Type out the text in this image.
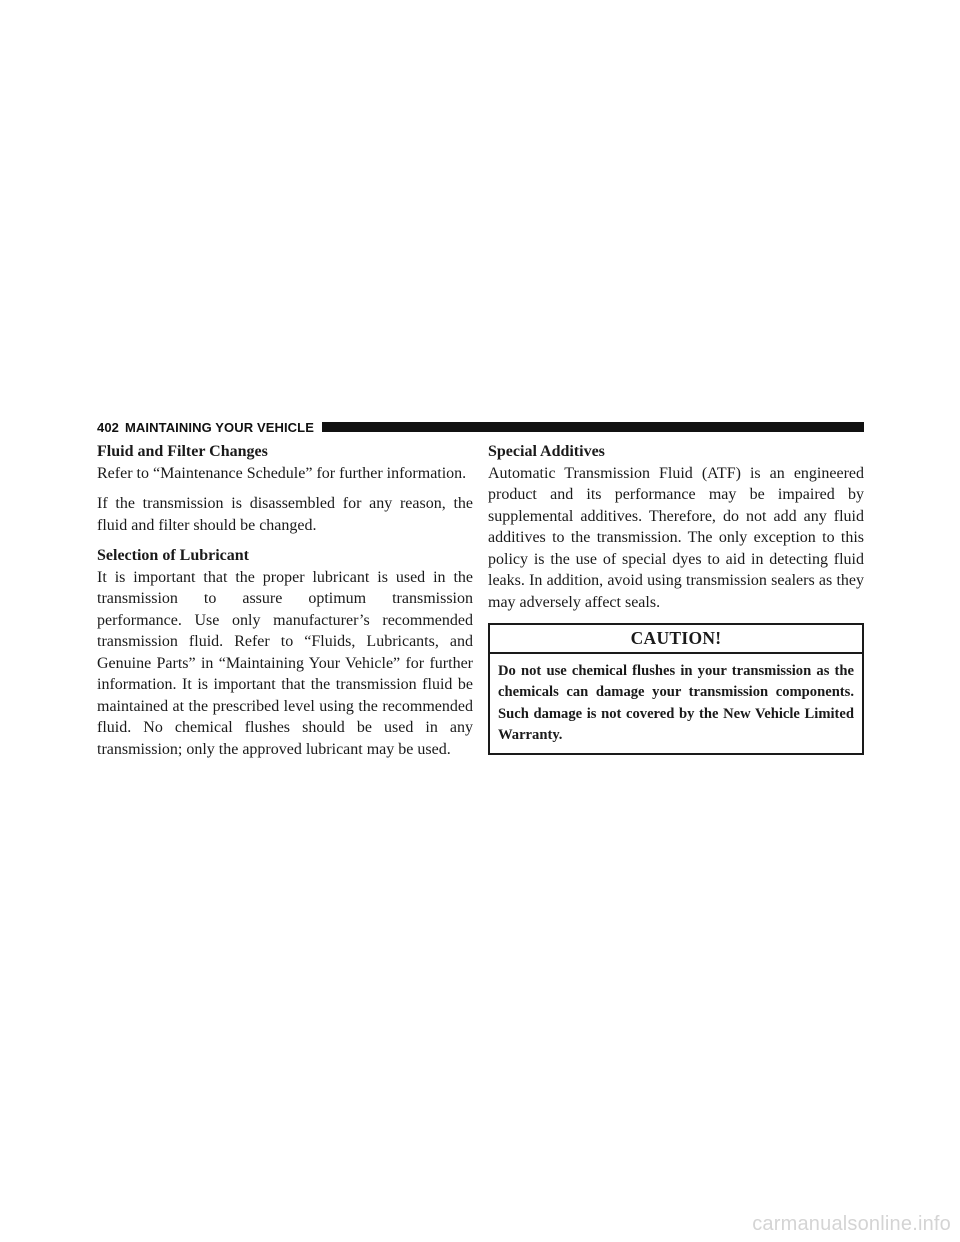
402 MAINTAINING YOUR VEHICLE
Fluid and Filter Changes

Refer to “Maintenance Schedule” for further information.

If the transmission is disassembled for any reason, the fluid and filter should be changed.

Selection of Lubricant

It is important that the proper lubricant is used in the transmission to assure optimum transmission performance. Use only manufacturer’s recommended transmission fluid. Refer to “Fluids, Lubricants, and Genuine Parts” in “Maintaining Your Vehicle” for further information. It is important that the transmission fluid be maintained at the prescribed level using the recommended fluid. No chemical flushes should be used in any transmission; only the approved lubricant may be used.

Special Additives

Automatic Transmission Fluid (ATF) is an engineered product and its performance may be impaired by supplemental additives. Therefore, do not add any fluid additives to the transmission. The only exception to this policy is the use of special dyes to aid in detecting fluid leaks. In addition, avoid using transmission sealers as they may adversely affect seals.

CAUTION!
Do not use chemical flushes in your transmission as the chemicals can damage your transmission components. Such damage is not covered by the New Vehicle Limited Warranty.
carmanualsonline.info
